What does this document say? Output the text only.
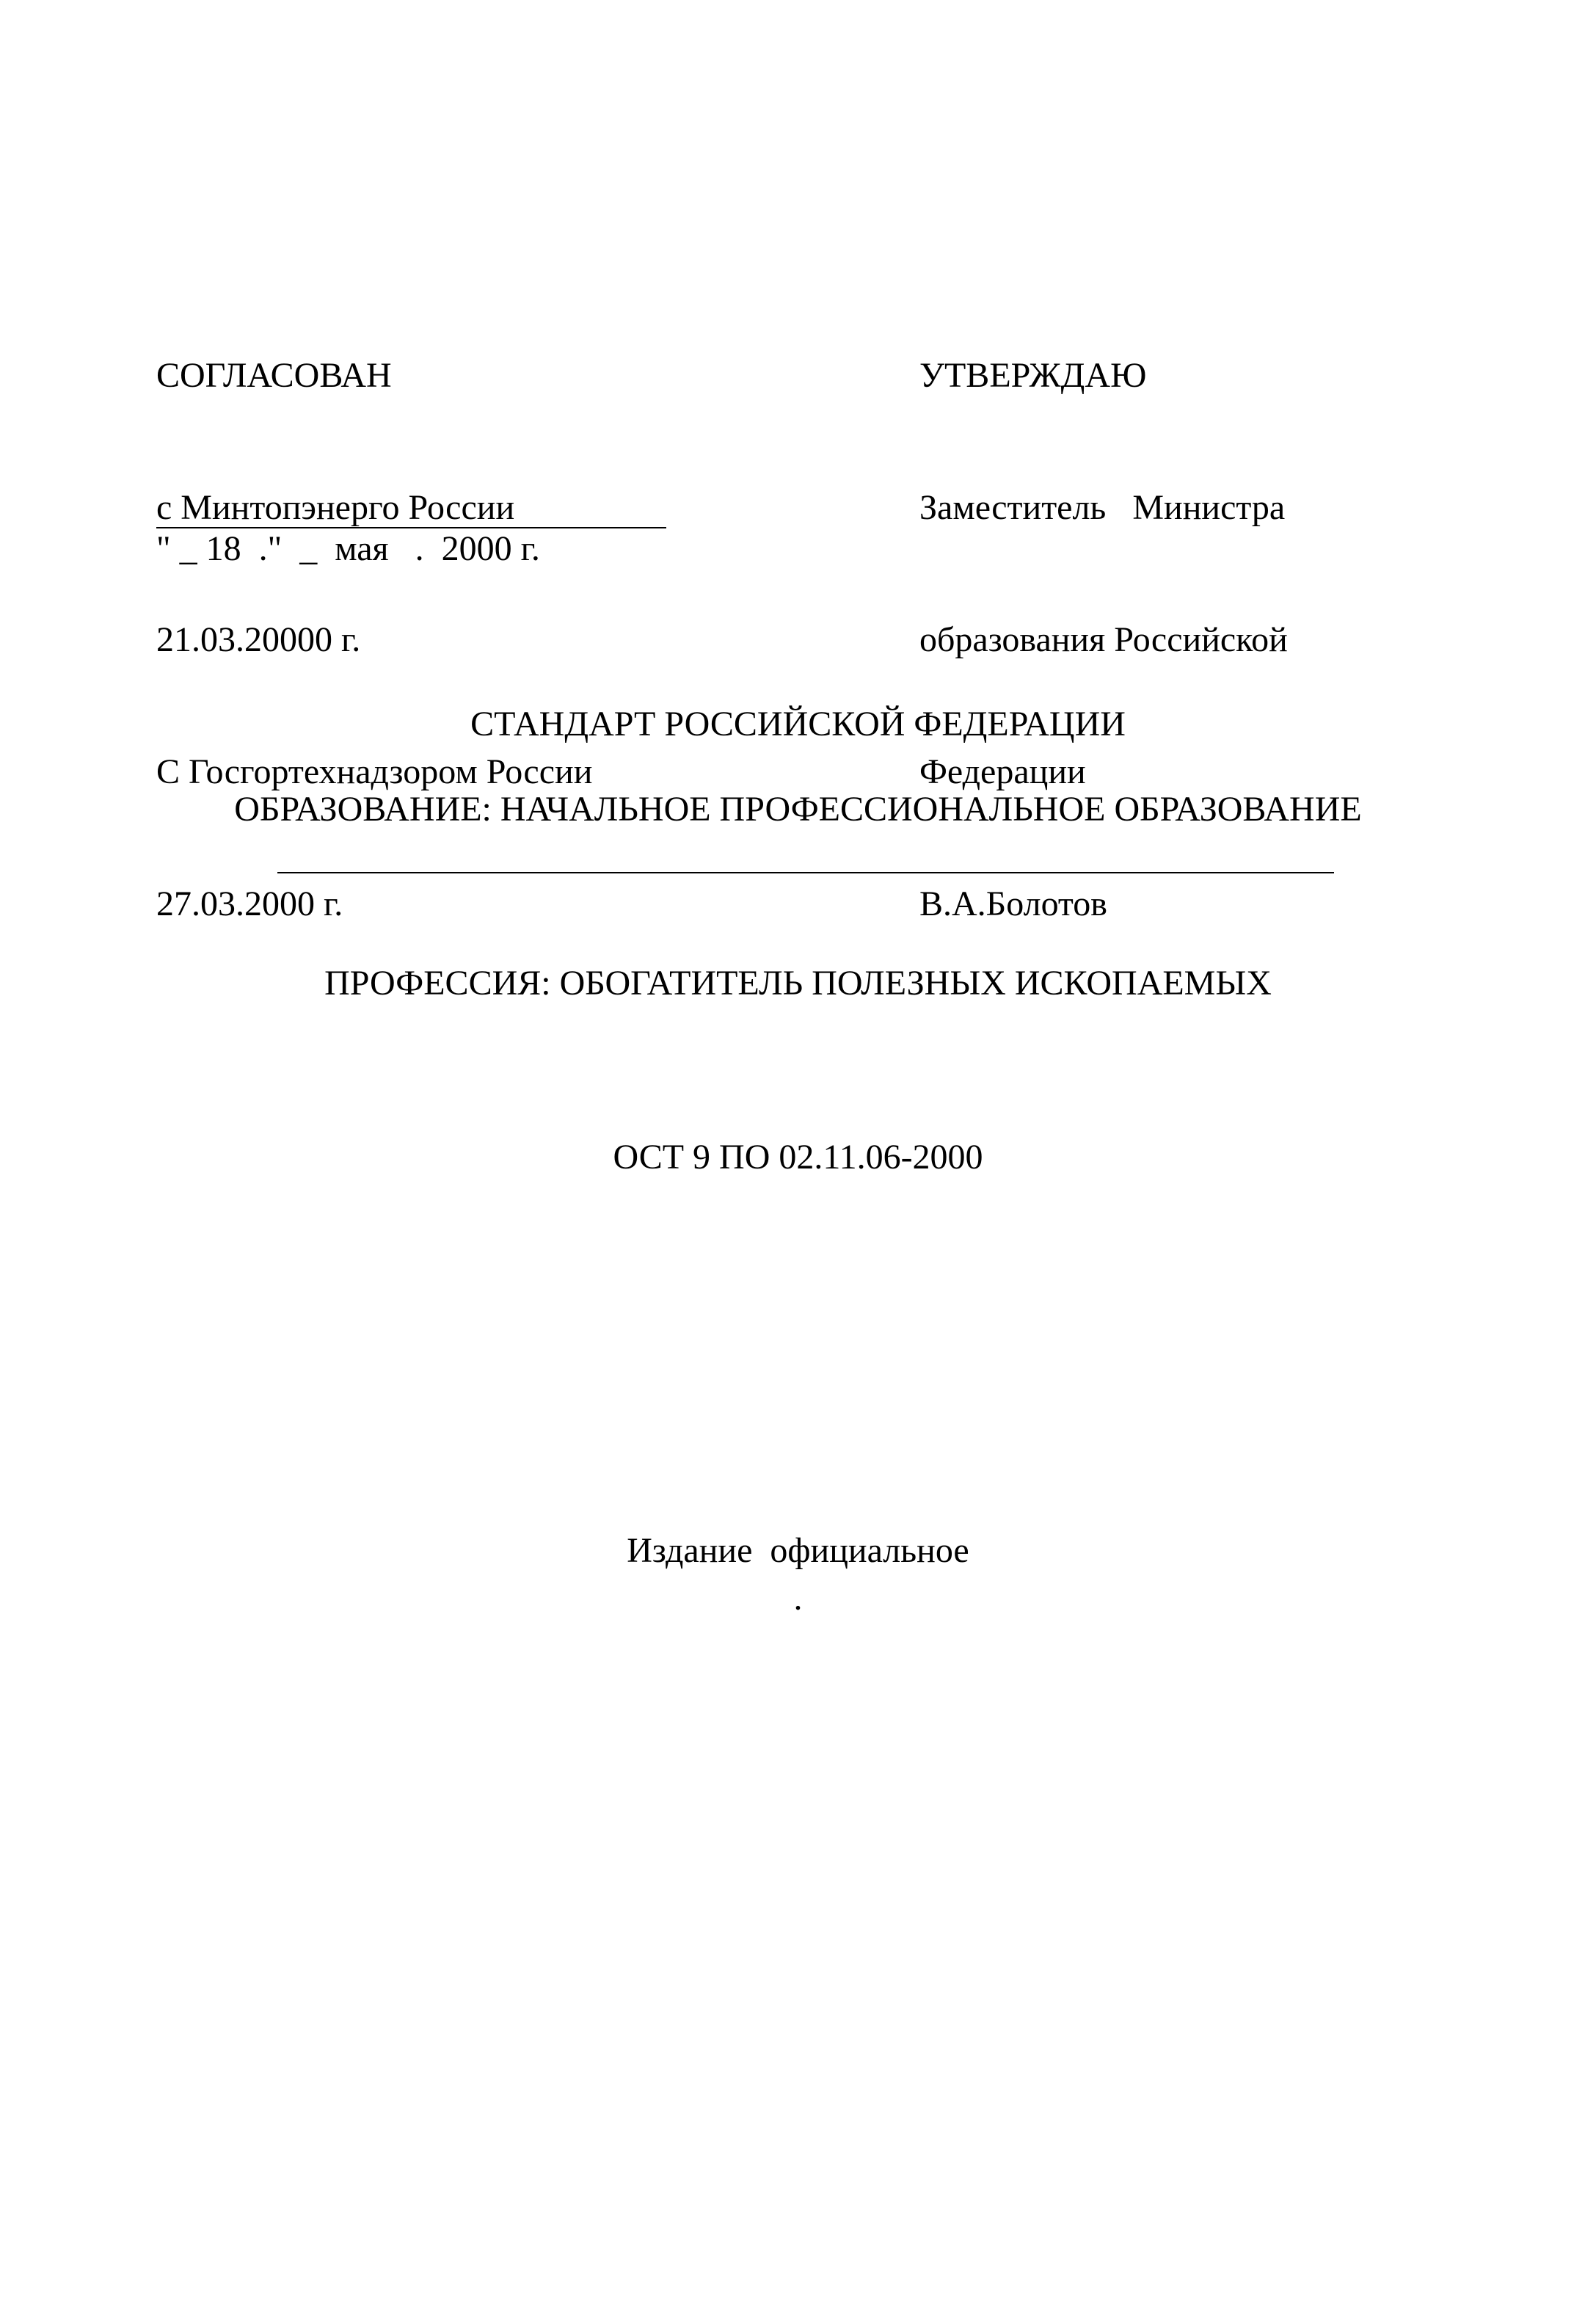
СОГЛАСОВАН

с Минтопэнерго России

21.03.20000 г.

С Госгортехнадзором России

27.03.2000 г.

" _ 18  ."  _  мая   .  2000 г.

УТВЕРЖДАЮ

Заместитель   Министра

образования Российской

Федерации

В.А.Болотов

СТАНДАРТ РОССИЙСКОЙ ФЕДЕРАЦИИ
ОБРАЗОВАНИЕ: НАЧАЛЬНОЕ ПРОФЕССИОНАЛЬНОЕ ОБРАЗОВАНИЕ
ПРОФЕССИЯ: ОБОГАТИТЕЛЬ ПОЛЕЗНЫХ ИСКОПАЕМЫХ
ОСТ 9 ПО 02.11.06-2000
Издание  официальное
.
